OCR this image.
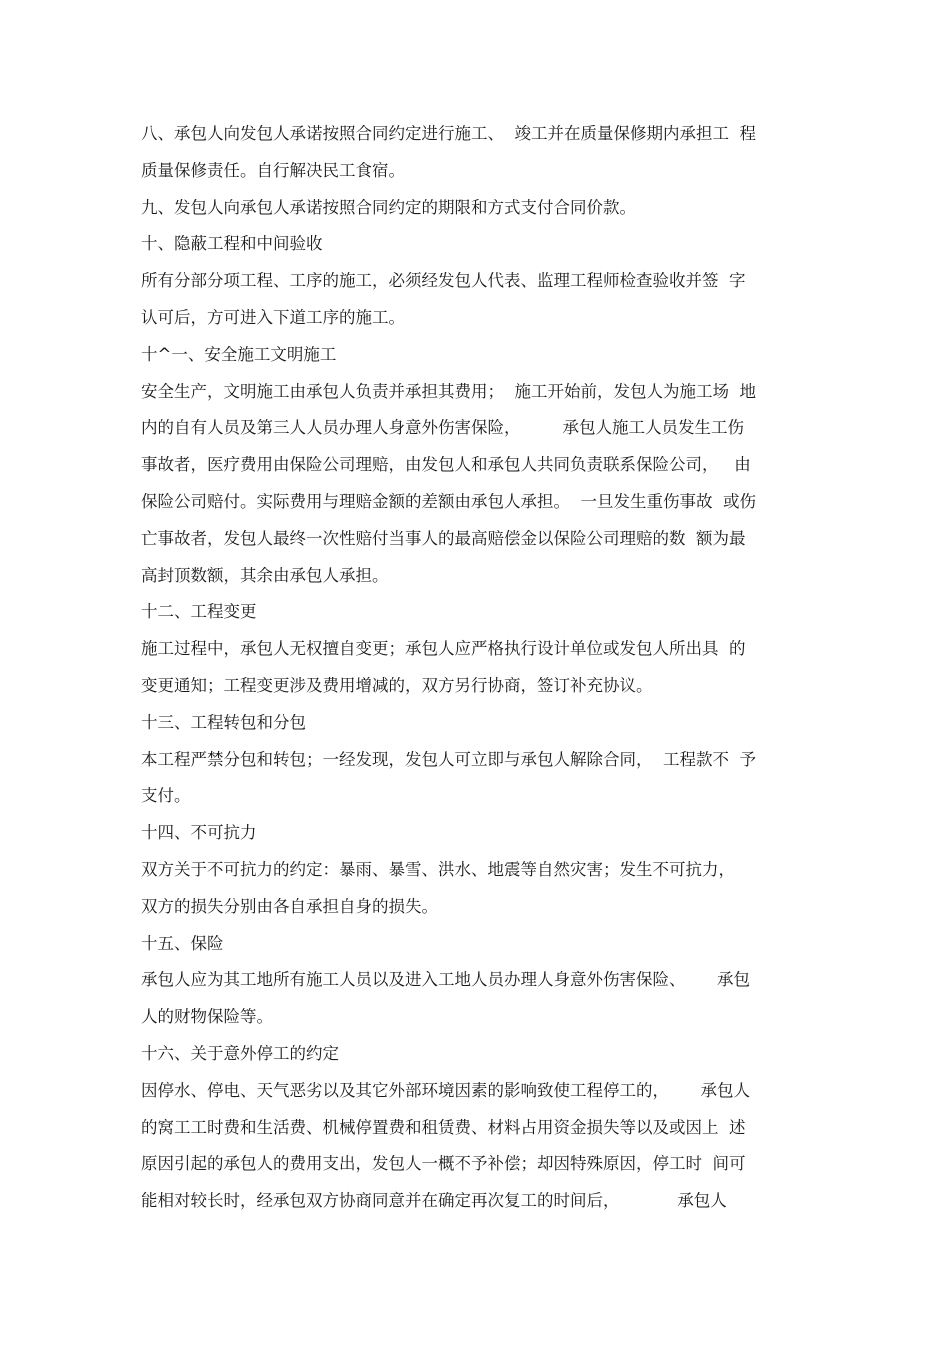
八、承包人向发包人承诺按照合同约定进行施工、  竣工并在质量保修期内承担工  程
质量保修责任。自行解决民工食宿。
九、发包人向承包人承诺按照合同约定的期限和方式支付合同价款。
十、隐蔽工程和中间验收
所有分部分项工程、工序的施工，必须经发包人代表、监理工程师检查验收并签  字
认可后，方可进入下道工序的施工。
十^一、安全施工文明施工
安全生产，文明施工由承包人负责并承担其费用；  施工开始前，发包人为施工场  地
内的自有人员及第三人人员办理人身意外伤害保险，        承包人施工人员发生工伤
事故者，医疗费用由保险公司理赔，由发包人和承包人共同负责联系保险公司，   由
保险公司赔付。实际费用与理赔金额的差额由承包人承担。  一旦发生重伤事故  或伤
亡事故者，发包人最终一次性赔付当事人的最高赔偿金以保险公司理赔的数  额为最
高封顶数额，其余由承包人承担。
十二、工程变更
施工过程中，承包人无权擅自变更；承包人应严格执行设计单位或发包人所出具  的
变更通知；工程变更涉及费用增减的，双方另行协商，签订补充协议。
十三、工程转包和分包
本工程严禁分包和转包；一经发现，发包人可立即与承包人解除合同，  工程款不  予
支付。
十四、不可抗力
双方关于不可抗力的约定：暴雨、暴雪、洪水、地震等自然灾害；发生不可抗力，
双方的损失分别由各自承担自身的损失。
十五、保险
承包人应为其工地所有施工人员以及进入工地人员办理人身意外伤害保险、      承包
人的财物保险等。
十六、关于意外停工的约定
因停水、停电、天气恶劣以及其它外部环境因素的影响致使工程停工的，      承包人
的窝工工时费和生活费、机械停置费和租赁费、材料占用资金损失等以及或因上  述
原因引起的承包人的费用支出，发包人一概不予补偿；却因特殊原因，停工时  间可
能相对较长时，经承包双方协商同意并在确定再次复工的时间后，           承包人
